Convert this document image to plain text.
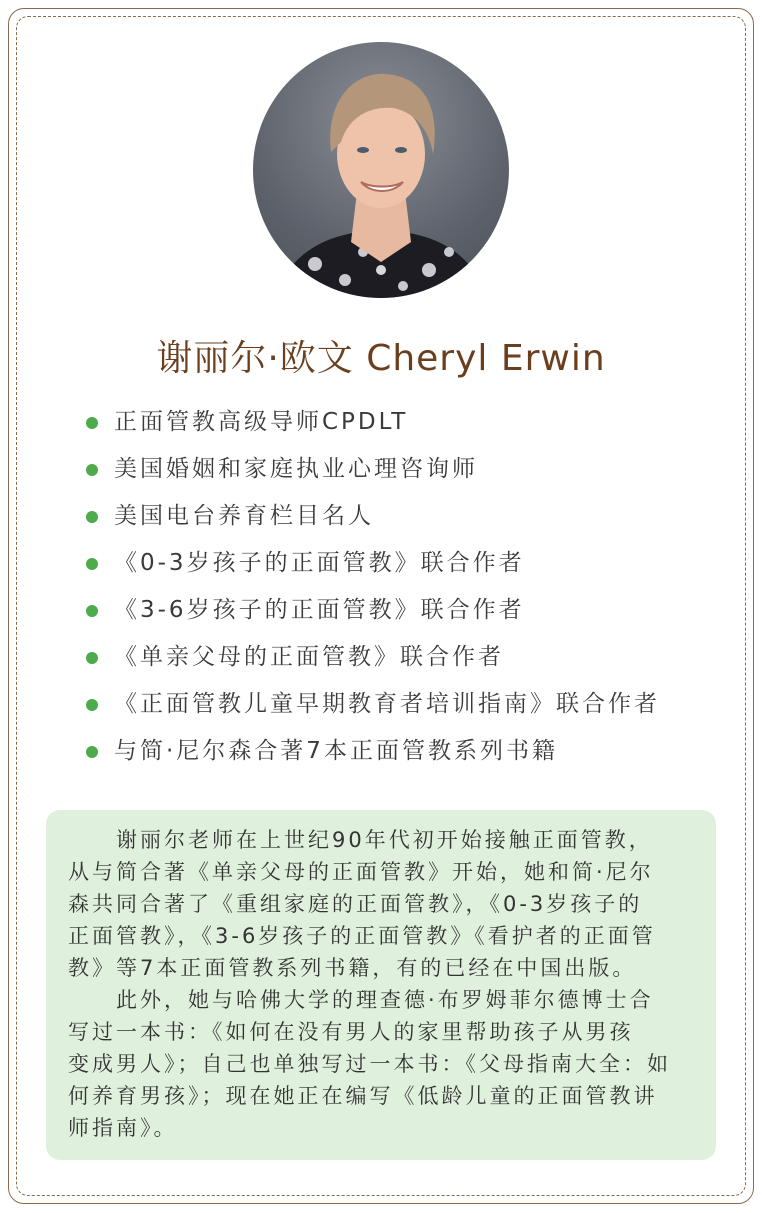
谢丽尔·欧文 Cheryl Erwin
正面管教高级导师CPDLT
美国婚姻和家庭执业心理咨询师
美国电台养育栏目名人
《0-3岁孩子的正面管教》联合作者
《3-6岁孩子的正面管教》联合作者
《单亲父母的正面管教》联合作者
《正面管教儿童早期教育者培训指南》联合作者
与简·尼尔森合著7本正面管教系列书籍
　　谢丽尔老师在上世纪90年代初开始接触正面管教，
从与简合著《单亲父母的正面管教》开始，她和简·尼尔
森共同合著了《重组家庭的正面管教》，《0-3岁孩子的
正面管教》，《3-6岁孩子的正面管教》《看护者的正面管
教》等7本正面管教系列书籍，有的已经在中国出版。
　　此外，她与哈佛大学的理查德·布罗姆菲尔德博士合
写过一本书：《如何在没有男人的家里帮助孩子从男孩
变成男人》；自己也单独写过一本书：《父母指南大全：如
何养育男孩》；现在她正在编写《低龄儿童的正面管教讲
师指南》。
